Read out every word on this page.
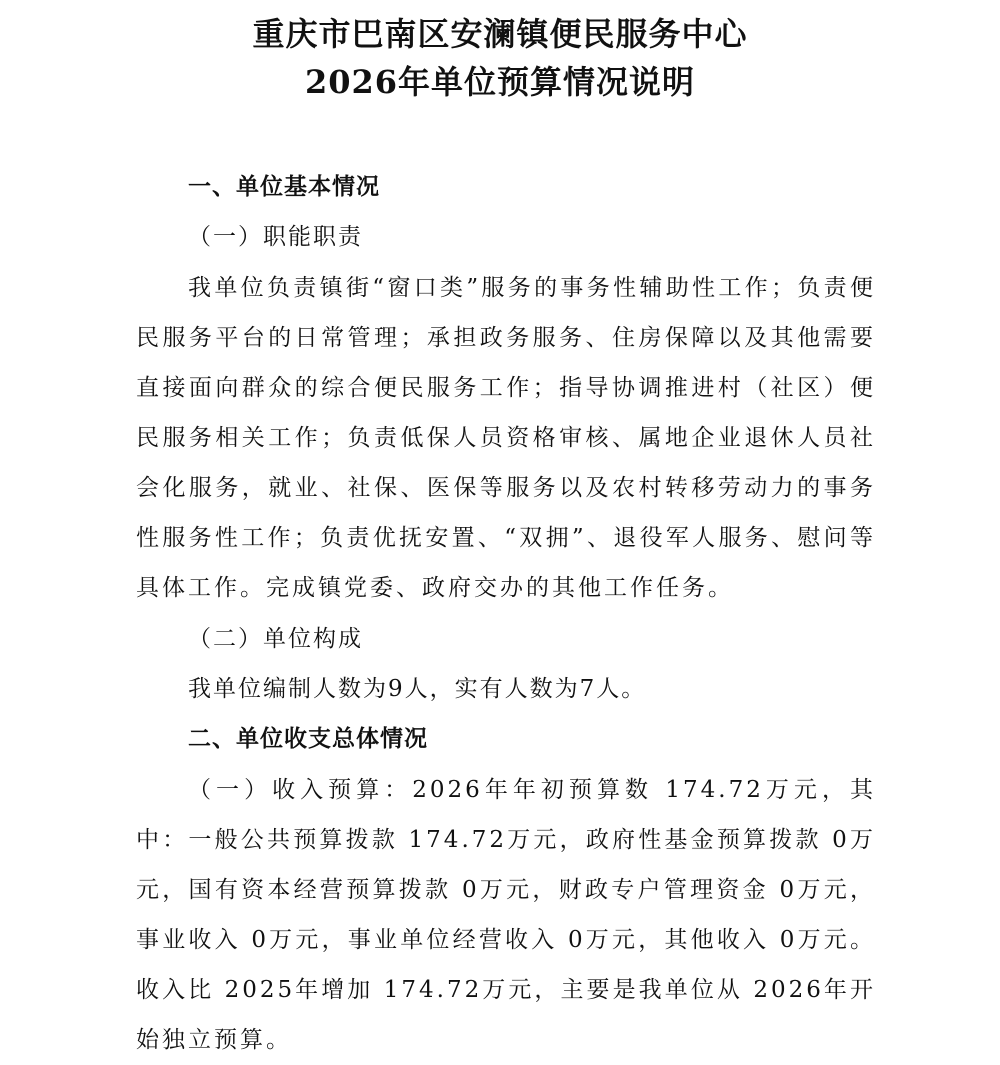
重庆市巴南区安澜镇便民服务中心
2026年单位预算情况说明
一、单位基本情况
（一）职能职责
我单位负责镇街“窗口类”服务的事务性辅助性工作；负责便民服务平台的日常管理；承担政务服务、住房保障以及其他需要直接面向群众的综合便民服务工作；指导协调推进村（社区）便民服务相关工作；负责低保人员资格审核、属地企业退休人员社会化服务，就业、社保、医保等服务以及农村转移劳动力的事务性服务性工作；负责优抚安置、“双拥”、退役军人服务、慰问等具体工作。完成镇党委、政府交办的其他工作任务。
（二）单位构成
我单位编制人数为9人，实有人数为7人。
二、单位收支总体情况
（一）收入预算：2026年年初预算数 174.72万元，其中：一般公共预算拨款 174.72万元，政府性基金预算拨款 0万元，国有资本经营预算拨款 0万元，财政专户管理资金 0万元，事业收入 0万元，事业单位经营收入 0万元，其他收入 0万元。收入比 2025年增加 174.72万元，主要是我单位从 2026年开始独立预算。
